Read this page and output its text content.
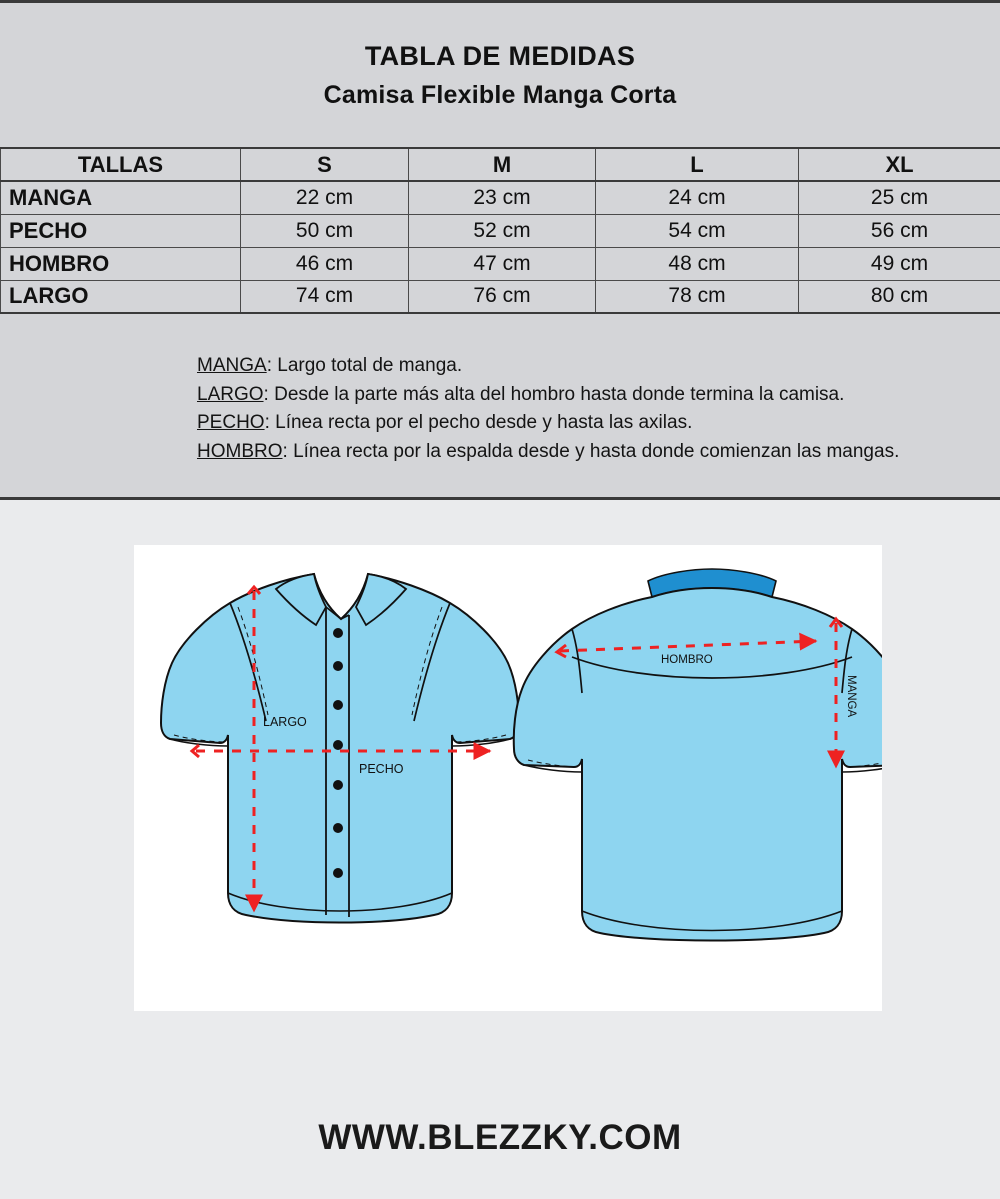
TABLA DE MEDIDAS
Camisa Flexible Manga Corta
TALLAS	S	M	L	XL
MANGA	22 cm	23 cm	24 cm	25 cm
PECHO	50 cm	52 cm	54 cm	56 cm
HOMBRO	46 cm	47 cm	48 cm	49 cm
LARGO	74 cm	76 cm	78 cm	80 cm
MANGA: Largo total de manga.
LARGO: Desde la parte más alta del hombro hasta donde termina la camisa.
PECHO: Línea recta por el pecho desde y hasta las axilas.
HOMBRO: Línea recta por la espalda desde y hasta donde comienzan las mangas.
LARGO
PECHO
HOMBRO
MANGA
WWW.BLEZZKY.COM
